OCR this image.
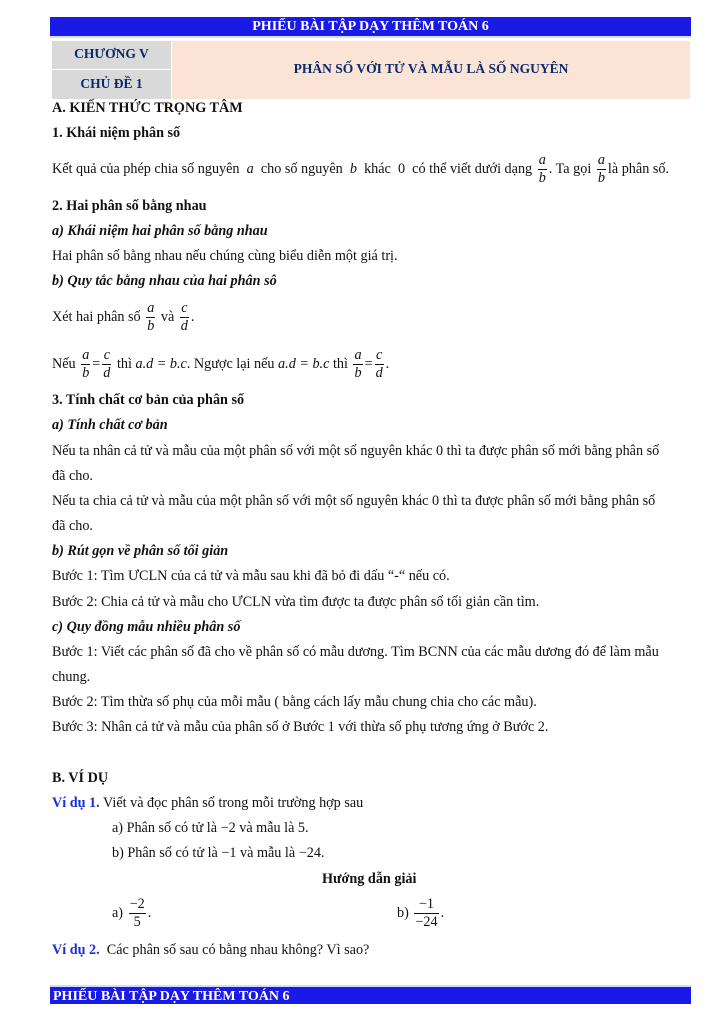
PHIẾU BÀI TẬP DẠY THÊM TOÁN 6
CHƯƠNG V
CHỦ ĐỀ 1
PHÂN SỐ VỚI TỬ VÀ MẪU LÀ SỐ NGUYÊN
A. KIẾN THỨC TRỌNG TÂM
1. Khái niệm phân số
Kết quả của phép chia số nguyên a cho số nguyên b khác 0 có thể viết dưới dạng $\frac{a}{b}$ . Ta gọi $\frac{a}{b}$ là phân số.
2. Hai phân số bằng nhau
a) Khái niệm hai phân số bằng nhau
Hai phân số bằng nhau nếu chúng cùng biểu diễn một giá trị.
b) Quy tắc bằng nhau của hai phân sô
Xét hai phân số $\frac{a}{b}$ và $\frac{c}{d}$ .
Nếu $\frac{a}{b} = \frac{c}{d}$ thì a.d = b.c. Ngược lại nếu a.d = b.c thì $\frac{a}{b} = \frac{c}{d}$ .
3. Tính chất cơ bản của phân số
a) Tính chất cơ bản
Nếu ta nhân cả tử và mẫu của một phân số với một số nguyên khác 0 thì ta được phân số mới bằng phân số
đã cho.
Nếu ta chia cả tử và mẫu của một phân số với một số nguyên khác 0 thì ta được phân số mới bằng phân số
đã cho.
b) Rút gọn về phân số tối giản
Bước 1: Tìm ƯCLN của cả tử và mẫu sau khi đã bỏ đi dấu “-“ nếu có.
Bước 2: Chia cả tử và mẫu cho ƯCLN vừa tìm được ta được phân số tối giản cần tìm.
c) Quy đồng mẫu nhiều phân số
Bước 1: Viết các phân số đã cho về phân số có mẫu dương. Tìm BCNN của các mẫu dương đó để làm mẫu
chung.
Bước 2: Tìm thừa số phụ của mỗi mẫu ( bằng cách lấy mẫu chung chia cho các mẫu).
Bước 3: Nhân cả tử và mẫu của phân số ở Bước 1 với thừa số phụ tương ứng ở Bước 2.
B. VÍ DỤ
Ví dụ 1. Viết và đọc phân số trong mỗi trường hợp sau
a) Phân số có tử là −2 và mẫu là 5.
b) Phân số có tử là −1 và mẫu là −24.
Hướng dẫn giải
$a) \frac{-2}{5}$ .	$b) \frac{-1}{-24}$ .
Ví dụ 2. Các phân số sau có bằng nhau không? Vì sao?
PHIẾU BÀI TẬP DẠY THÊM TOÁN 6
